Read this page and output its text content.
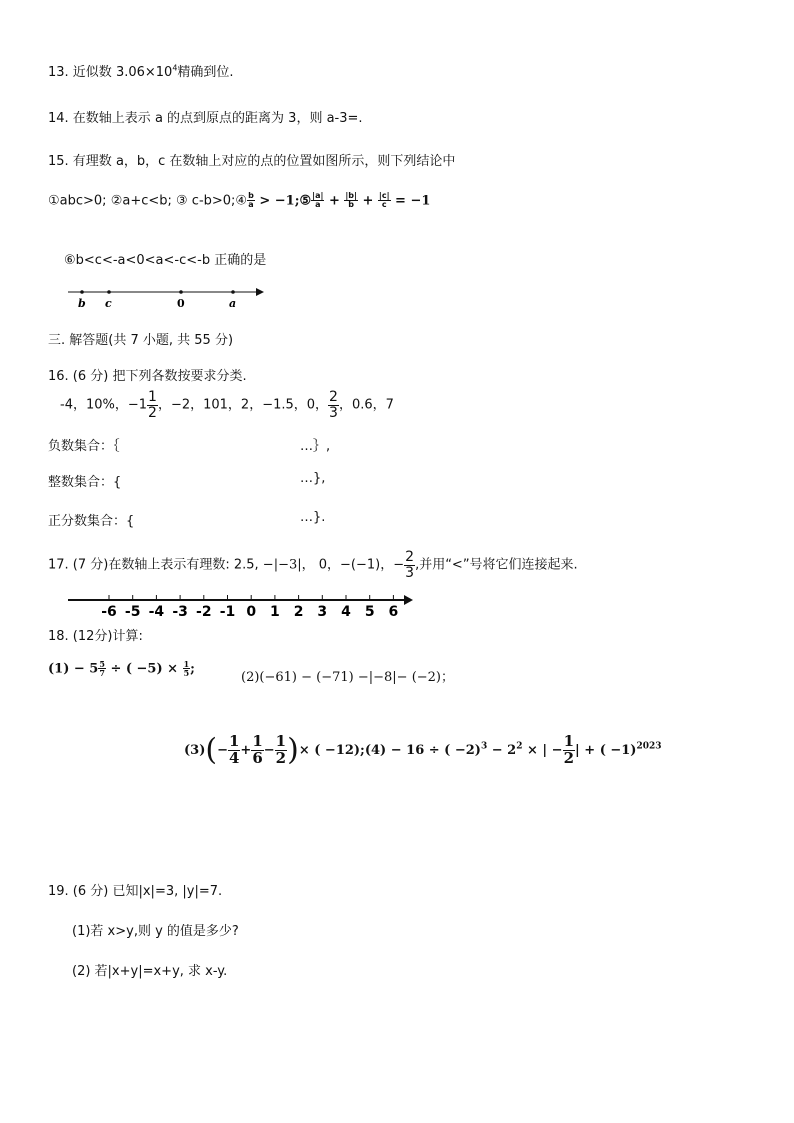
13. 近似数 $3.06\times 10^4$精确到位.
14. 在数轴上表示 a 的点到原点的距离为 3，则 a-3=.
15. 有理数 a，b，c 在数轴上对应的点的位置如图所示，则下列结论中
①abc>0; ②a+c<b; ③ c-b>0;④ $\frac{b}{a}$ > −1;⑤ $\frac{|a|}{a} + \frac{|b|}{b} + \frac{|c|}{c} = -1$
⑥b<c<-a<0<a<-c<-b 正确的是
b c	0	a
三. 解答题(共 7 小题, 共 55 分)
16. (6 分) 把下列各数按要求分类.
-4，10%，$-1 \frac{1}{2}$ ，−2，101，2，−1.5，0， $\frac{2}{3}$ ，0.6，7
负数集合：｛	…｝,
整数集合：{	…},
正分数集合：{	…}.
17. (7 分)在数轴上表示有理数: 2.5, −|−3|， 0，−(−1)，− $\frac{2}{3}$ ,并用“<”号将它们连接起来.
-6 -5 -4 -3 -2 -1 0 1 2 3 4 5 6
18. (12分)计算:
$(1) - 5 \frac{5}{7}$ ÷ ( $-5) \times \frac{1}{5}$ ;
(2)(−61) − (−71) −|−8|− (−2)；
$(3)(- \frac{1}{4} + \frac{1}{6} - \frac{1}{2}$ )× ( −12);(4) − 16 ÷ ( $-2)^3 - 2^2$ × | − $\frac{1}{2}$ | + ( −1)$^{2023}$
19. (6 分) 已知|x|=3, |y|=7.
(1)若 x>y,则 y 的值是多少?
(2) 若|x+y|=x+y, 求 x-y.
